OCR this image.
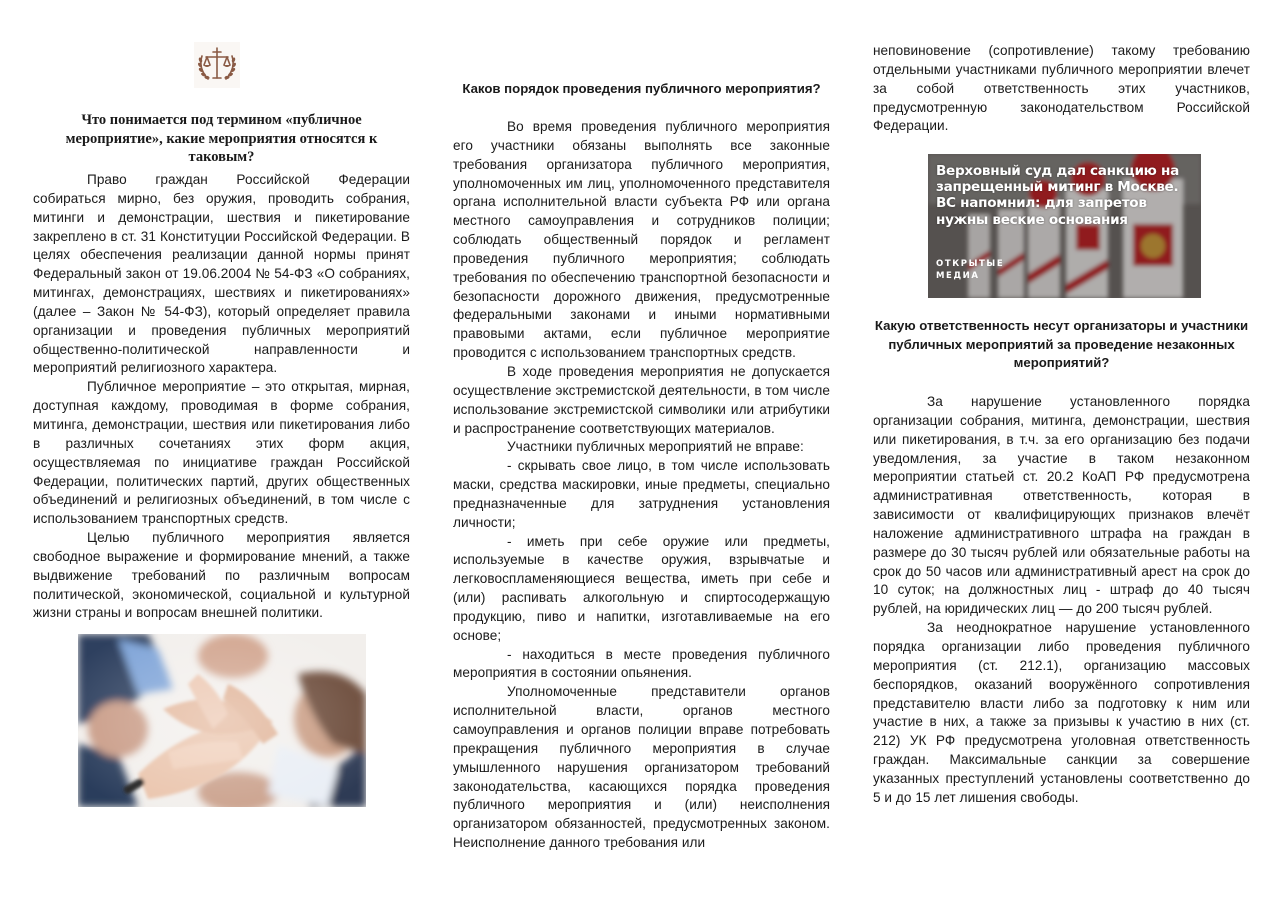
Что понимается под термином «публичное мероприятие», какие мероприятия относятся к таковым?

Право граждан Российской Федерации собираться мирно, без оружия, проводить собрания, митинги и демонстрации, шествия и пикетирование закреплено в ст. 31 Конституции Российской Федерации. В целях обеспечения реализации данной нормы принят Федеральный закон от 19.06.2004 № 54-ФЗ «О собраниях, митингах, демонстрациях, шествиях и пикетированиях» (далее – Закон № 54-ФЗ), который определяет правила организации и проведения публичных мероприятий общественно-политической направленности и мероприятий религиозного характера.

Публичное мероприятие – это открытая, мирная, доступная каждому, проводимая в форме собрания, митинга, демонстрации, шествия или пикетирования либо в различных сочетаниях этих форм акция, осуществляемая по инициативе граждан Российской Федерации, политических партий, других общественных объединений и религиозных объединений, в том числе с использованием транспортных средств.

Целью публичного мероприятия является свободное выражение и формирование мнений, а также выдвижение требований по различным вопросам политической, экономической, социальной и культурной жизни страны и вопросам внешней политики.

Каков порядок проведения публичного мероприятия?

Во время проведения публичного мероприятия его участники обязаны выполнять все законные требования организатора публичного мероприятия, уполномоченных им лиц, уполномоченного представителя органа исполнительной власти субъекта РФ или органа местного самоуправления и сотрудников полиции; соблюдать общественный порядок и регламент проведения публичного мероприятия; соблюдать требования по обеспечению транспортной безопасности и безопасности дорожного движения, предусмотренные федеральными законами и иными нормативными правовыми актами, если публичное мероприятие проводится с использованием транспортных средств.

В ходе проведения мероприятия не допускается осуществление экстремистской деятельности, в том числе использование экстремистской символики или атрибутики и распространение соответствующих материалов.

Участники публичных мероприятий не вправе:

- скрывать свое лицо, в том числе использовать маски, средства маскировки, иные предметы, специально предназначенные для затруднения установления личности;

- иметь при себе оружие или предметы, используемые в качестве оружия, взрывчатые и легковоспламеняющиеся вещества, иметь при себе и (или) распивать алкогольную и спиртосодержащую продукцию, пиво и напитки, изготавливаемые на его основе;

- находиться в месте проведения публичного мероприятия в состоянии опьянения.

Уполномоченные представители органов исполнительной власти, органов местного самоуправления и органов полиции вправе потребовать прекращения публичного мероприятия в случае умышленного нарушения организатором требований законодательства, касающихся порядка проведения публичного мероприятия и (или) неисполнения организатором обязанностей, предусмотренных законом. Неисполнение данного требования или

неповиновение (сопротивление) такому требованию отдельными участниками публичного мероприятии влечет за собой ответственность этих участников, предусмотренную законодательством Российской Федерации.

Верховный суд дал санкцию на запрещенный митинг в Москве. ВС напомнил: для запретов нужны веские основания
ОТКРЫТЫЕ
МЕДИА
Какую ответственность несут организаторы и участники публичных мероприятий за проведение незаконных мероприятий?

За нарушение установленного порядка организации собрания, митинга, демонстрации, шествия или пикетирования, в т.ч. за его организацию без подачи уведомления, за участие в таком незаконном мероприятии статьей ст. 20.2 КоАП РФ предусмотрена административная ответственность, которая в зависимости от квалифицирующих признаков влечёт наложение административного штрафа на граждан в размере до 30 тысяч рублей или обязательные работы на срок до 50 часов или административный арест на срок до 10 суток; на должностных лиц - штраф до 40 тысяч рублей, на юридических лиц — до 200 тысяч рублей.

За неоднократное нарушение установленного порядка организации либо проведения публичного мероприятия (ст. 212.1), организацию массовых беспорядков, оказаний вооружённого сопротивления представителю власти либо за подготовку к ним или участие в них, а также за призывы к участию в них (ст. 212) УК РФ предусмотрена уголовная ответственность граждан. Максимальные санкции за совершение указанных преступлений установлены соответственно до 5 и до 15 лет лишения свободы.
